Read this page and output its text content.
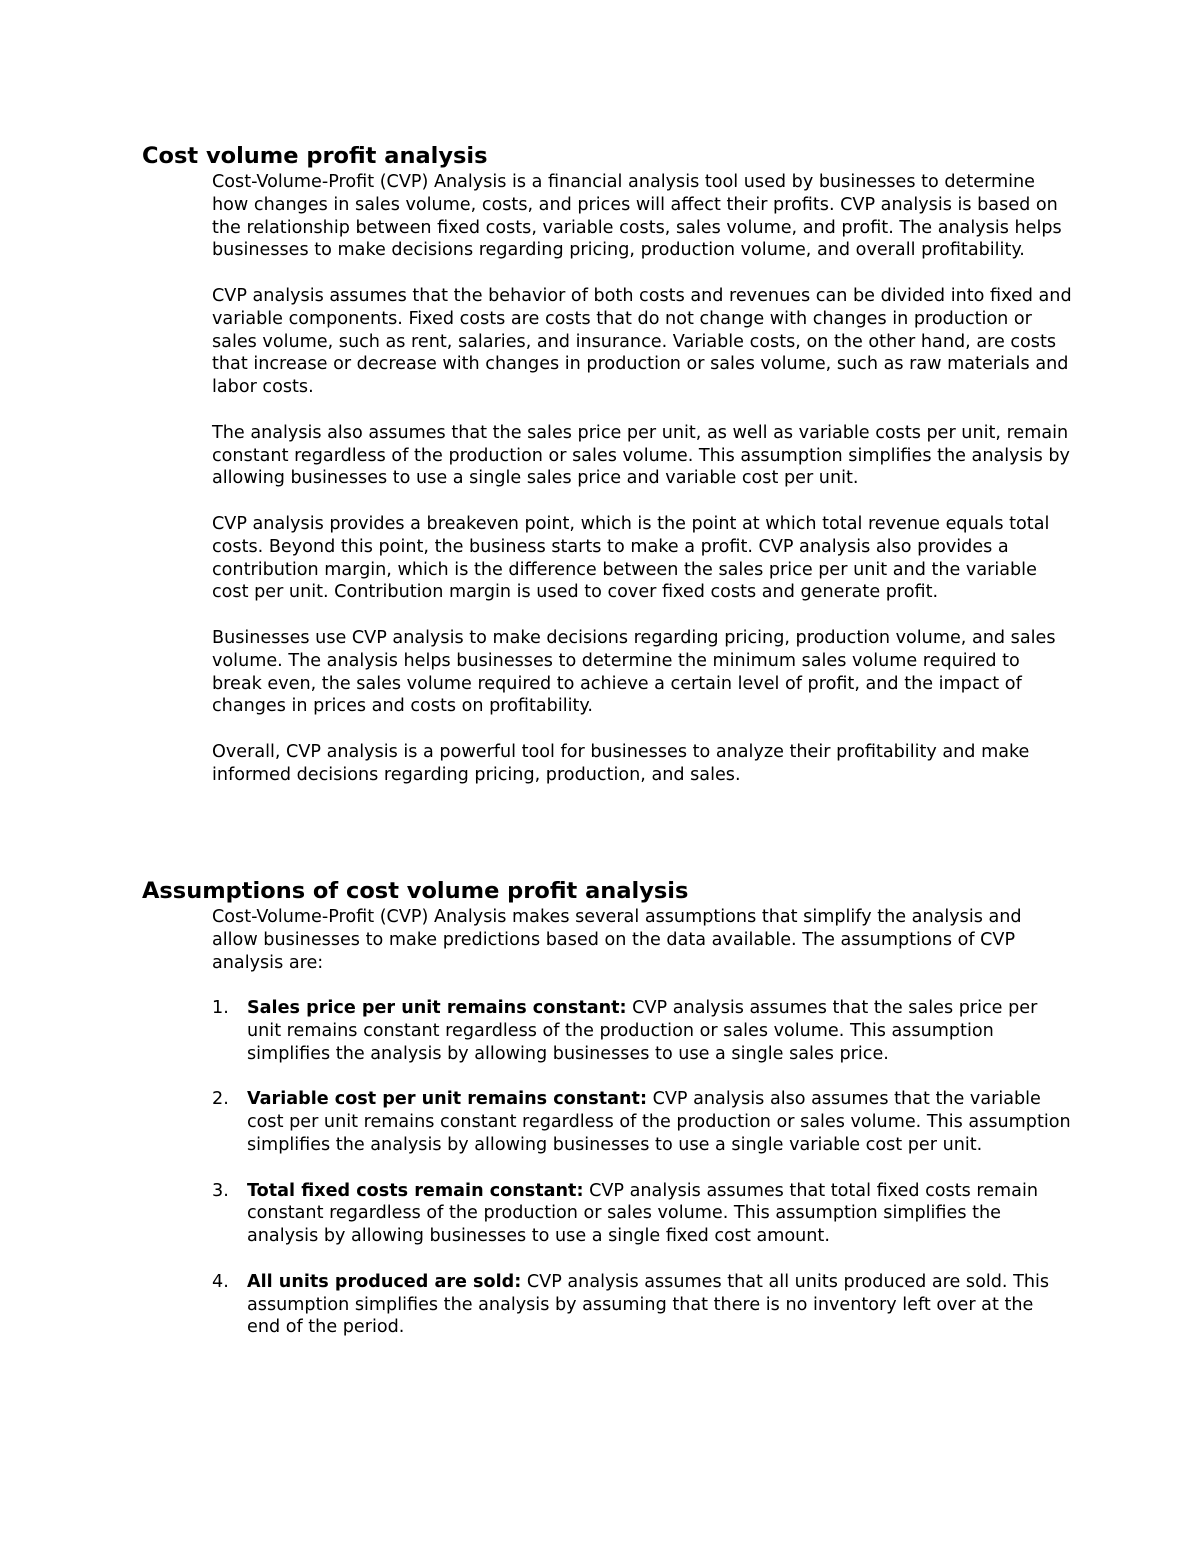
Cost volume profit analysis

Cost-Volume-Profit (CVP) Analysis is a financial analysis tool used by businesses to determine how changes in sales volume, costs, and prices will affect their profits. CVP analysis is based on the relationship between fixed costs, variable costs, sales volume, and profit. The analysis helps businesses to make decisions regarding pricing, production volume, and overall profitability.

CVP analysis assumes that the behavior of both costs and revenues can be divided into fixed and variable components. Fixed costs are costs that do not change with changes in production or sales volume, such as rent, salaries, and insurance. Variable costs, on the other hand, are costs that increase or decrease with changes in production or sales volume, such as raw materials and labor costs.

The analysis also assumes that the sales price per unit, as well as variable costs per unit, remain constant regardless of the production or sales volume. This assumption simplifies the analysis by allowing businesses to use a single sales price and variable cost per unit.

CVP analysis provides a breakeven point, which is the point at which total revenue equals total costs. Beyond this point, the business starts to make a profit. CVP analysis also provides a contribution margin, which is the difference between the sales price per unit and the variable cost per unit. Contribution margin is used to cover fixed costs and generate profit.

Businesses use CVP analysis to make decisions regarding pricing, production volume, and sales volume. The analysis helps businesses to determine the minimum sales volume required to break even, the sales volume required to achieve a certain level of profit, and the impact of changes in prices and costs on profitability.

Overall, CVP analysis is a powerful tool for businesses to analyze their profitability and make informed decisions regarding pricing, production, and sales.

Assumptions of cost volume profit analysis

Cost-Volume-Profit (CVP) Analysis makes several assumptions that simplify the analysis and allow businesses to make predictions based on the data available. The assumptions of CVP analysis are:

1. Sales price per unit remains constant: CVP analysis assumes that the sales price per unit remains constant regardless of the production or sales volume. This assumption simplifies the analysis by allowing businesses to use a single sales price.
2. Variable cost per unit remains constant: CVP analysis also assumes that the variable cost per unit remains constant regardless of the production or sales volume. This assumption simplifies the analysis by allowing businesses to use a single variable cost per unit.
3. Total fixed costs remain constant: CVP analysis assumes that total fixed costs remain constant regardless of the production or sales volume. This assumption simplifies the analysis by allowing businesses to use a single fixed cost amount.
4. All units produced are sold: CVP analysis assumes that all units produced are sold. This assumption simplifies the analysis by assuming that there is no inventory left over at the end of the period.
